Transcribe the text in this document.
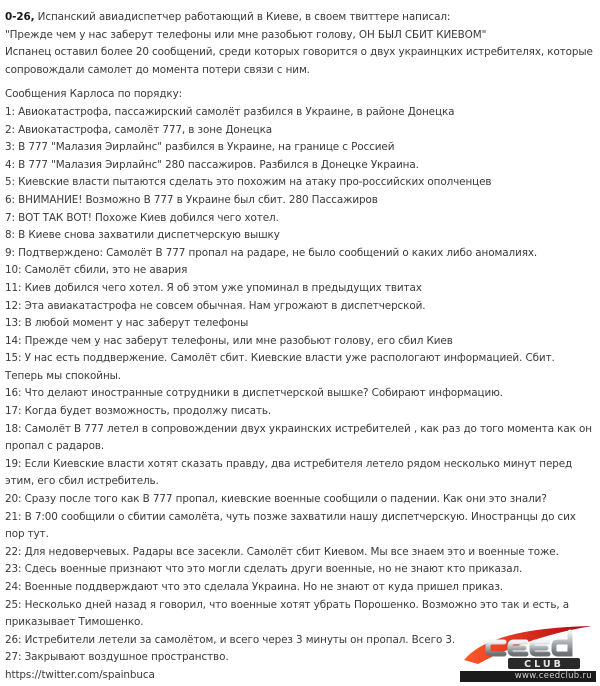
0-26, Испанский авиадиспетчер работающий в Киеве, в своем твиттере написал:

"Прежде чем у нас заберут телефоны или мне разобьют голову, ОН БЫЛ СБИТ КИЕВОМ"

Испанец оставил более 20 сообщений, среди которых говорится о двух украинцких истребителях, которые сопровождали самолет до момента потери связи с ним.

Сообщения Карлоса по порядку:

1: Авиокатастрофа, пассажирский самолёт разбился в Украине, в районе Донецка

2: Авиокатастрофа, самолёт 777, в зоне Донецка

3: В 777 "Малазия Эирлайнс" разбился в Украине, на границе с Россией

4: В 777 "Малазия Эирлайнс" 280 пассажиров. Разбился в Донецке Украина.

5: Киевские власти пытаются сделать это похожим на атаку про-российских ополченцев

6: ВНИМАНИЕ! Возможно В 777 в Украине был сбит. 280 Пассажиров

7: ВОТ ТАК ВОТ! Похоже Киев добился чего хотел.

8: В Киеве снова захватили диспетчерскую вышку

9: Подтверждено: Самолёт В 777 пропал на радаре, не было сообщений о каких либо аномалиях.

10: Самолёт сбили, это не авария

11: Киев добился чего хотел. Я об этом уже упоминал в предыдущих твитах

12: Эта авиакатастрофа не совсем обычная. Нам угрожают в диспетчерской.

13: В любой момент у нас заберут телефоны

14: Прежде чем у нас заберут телефоны, или мне разобьют голову, его сбил Киев

15: У нас есть поддвержение. Самолёт сбит. Киевские власти уже распологают информацией. Сбит. Теперь мы спокойны.

16: Что делают иностранные сотрудники в диспетчерской вышке? Собирают информацию.

17: Когда будет возможность, продолжу писать.

18: Самолёт В 777 летел в сопровождении двух украинских истребителей , как раз до того момента как он пропал с радаров.

19: Если Киевские власти хотят сказать правду, два истребителя летело рядом несколько минут перед этим, его сбил истребитель.

20: Сразу после того как В 777 пропал, киевские военные сообщили о падении. Как они это знали?

21: В 7:00 сообщили о сбитии самолёта, чуть позже захватили нашу диспетчерскую. Иностранцы до сих пор тут.

22: Для недоверчевых. Радары все засекли. Самолёт сбит Киевом. Мы все знаем это и военные тоже.

23: Сдесь военные признают что это могли сделать други военные, но не знают кто приказал.

24: Военные поддверждают что это сделала Украина. Но не знают от куда пришел приказ.

25: Несколько дней назад я говорил, что военные хотят убрать Порошенко. Возможно это так и есть, а приказывает Тимошенко.

26: Истребители летели за самолётом, и всего через 3 минуты он пропал. Всего 3.

27: Закрывают воздушное пространство.

https://twitter.com/spainbuca

CLUB
www.ceedclub.ru
